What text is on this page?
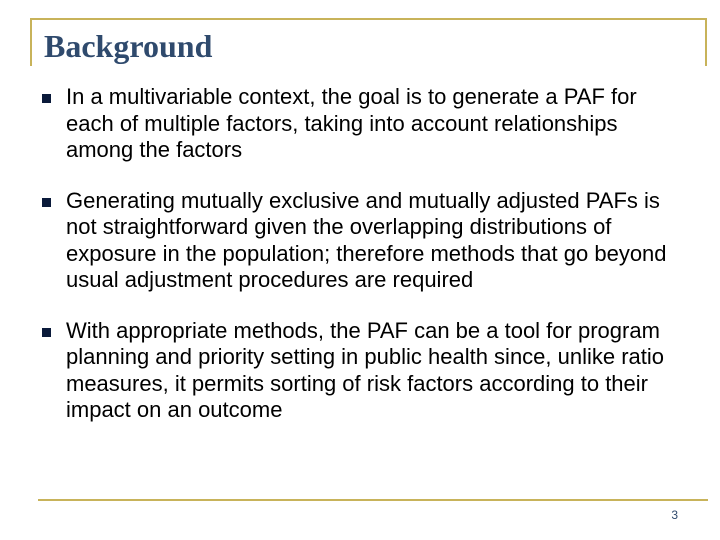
Background
In a multivariable context, the goal is to generate a PAF for each of multiple factors, taking into account relationships among the factors
Generating mutually exclusive and mutually adjusted PAFs is not straightforward given the overlapping distributions of exposure in the population; therefore methods that go beyond usual adjustment procedures are required
With appropriate methods, the PAF can be a tool for program planning and priority setting in public health since, unlike ratio measures, it permits sorting of risk factors according to their impact on an outcome
3
